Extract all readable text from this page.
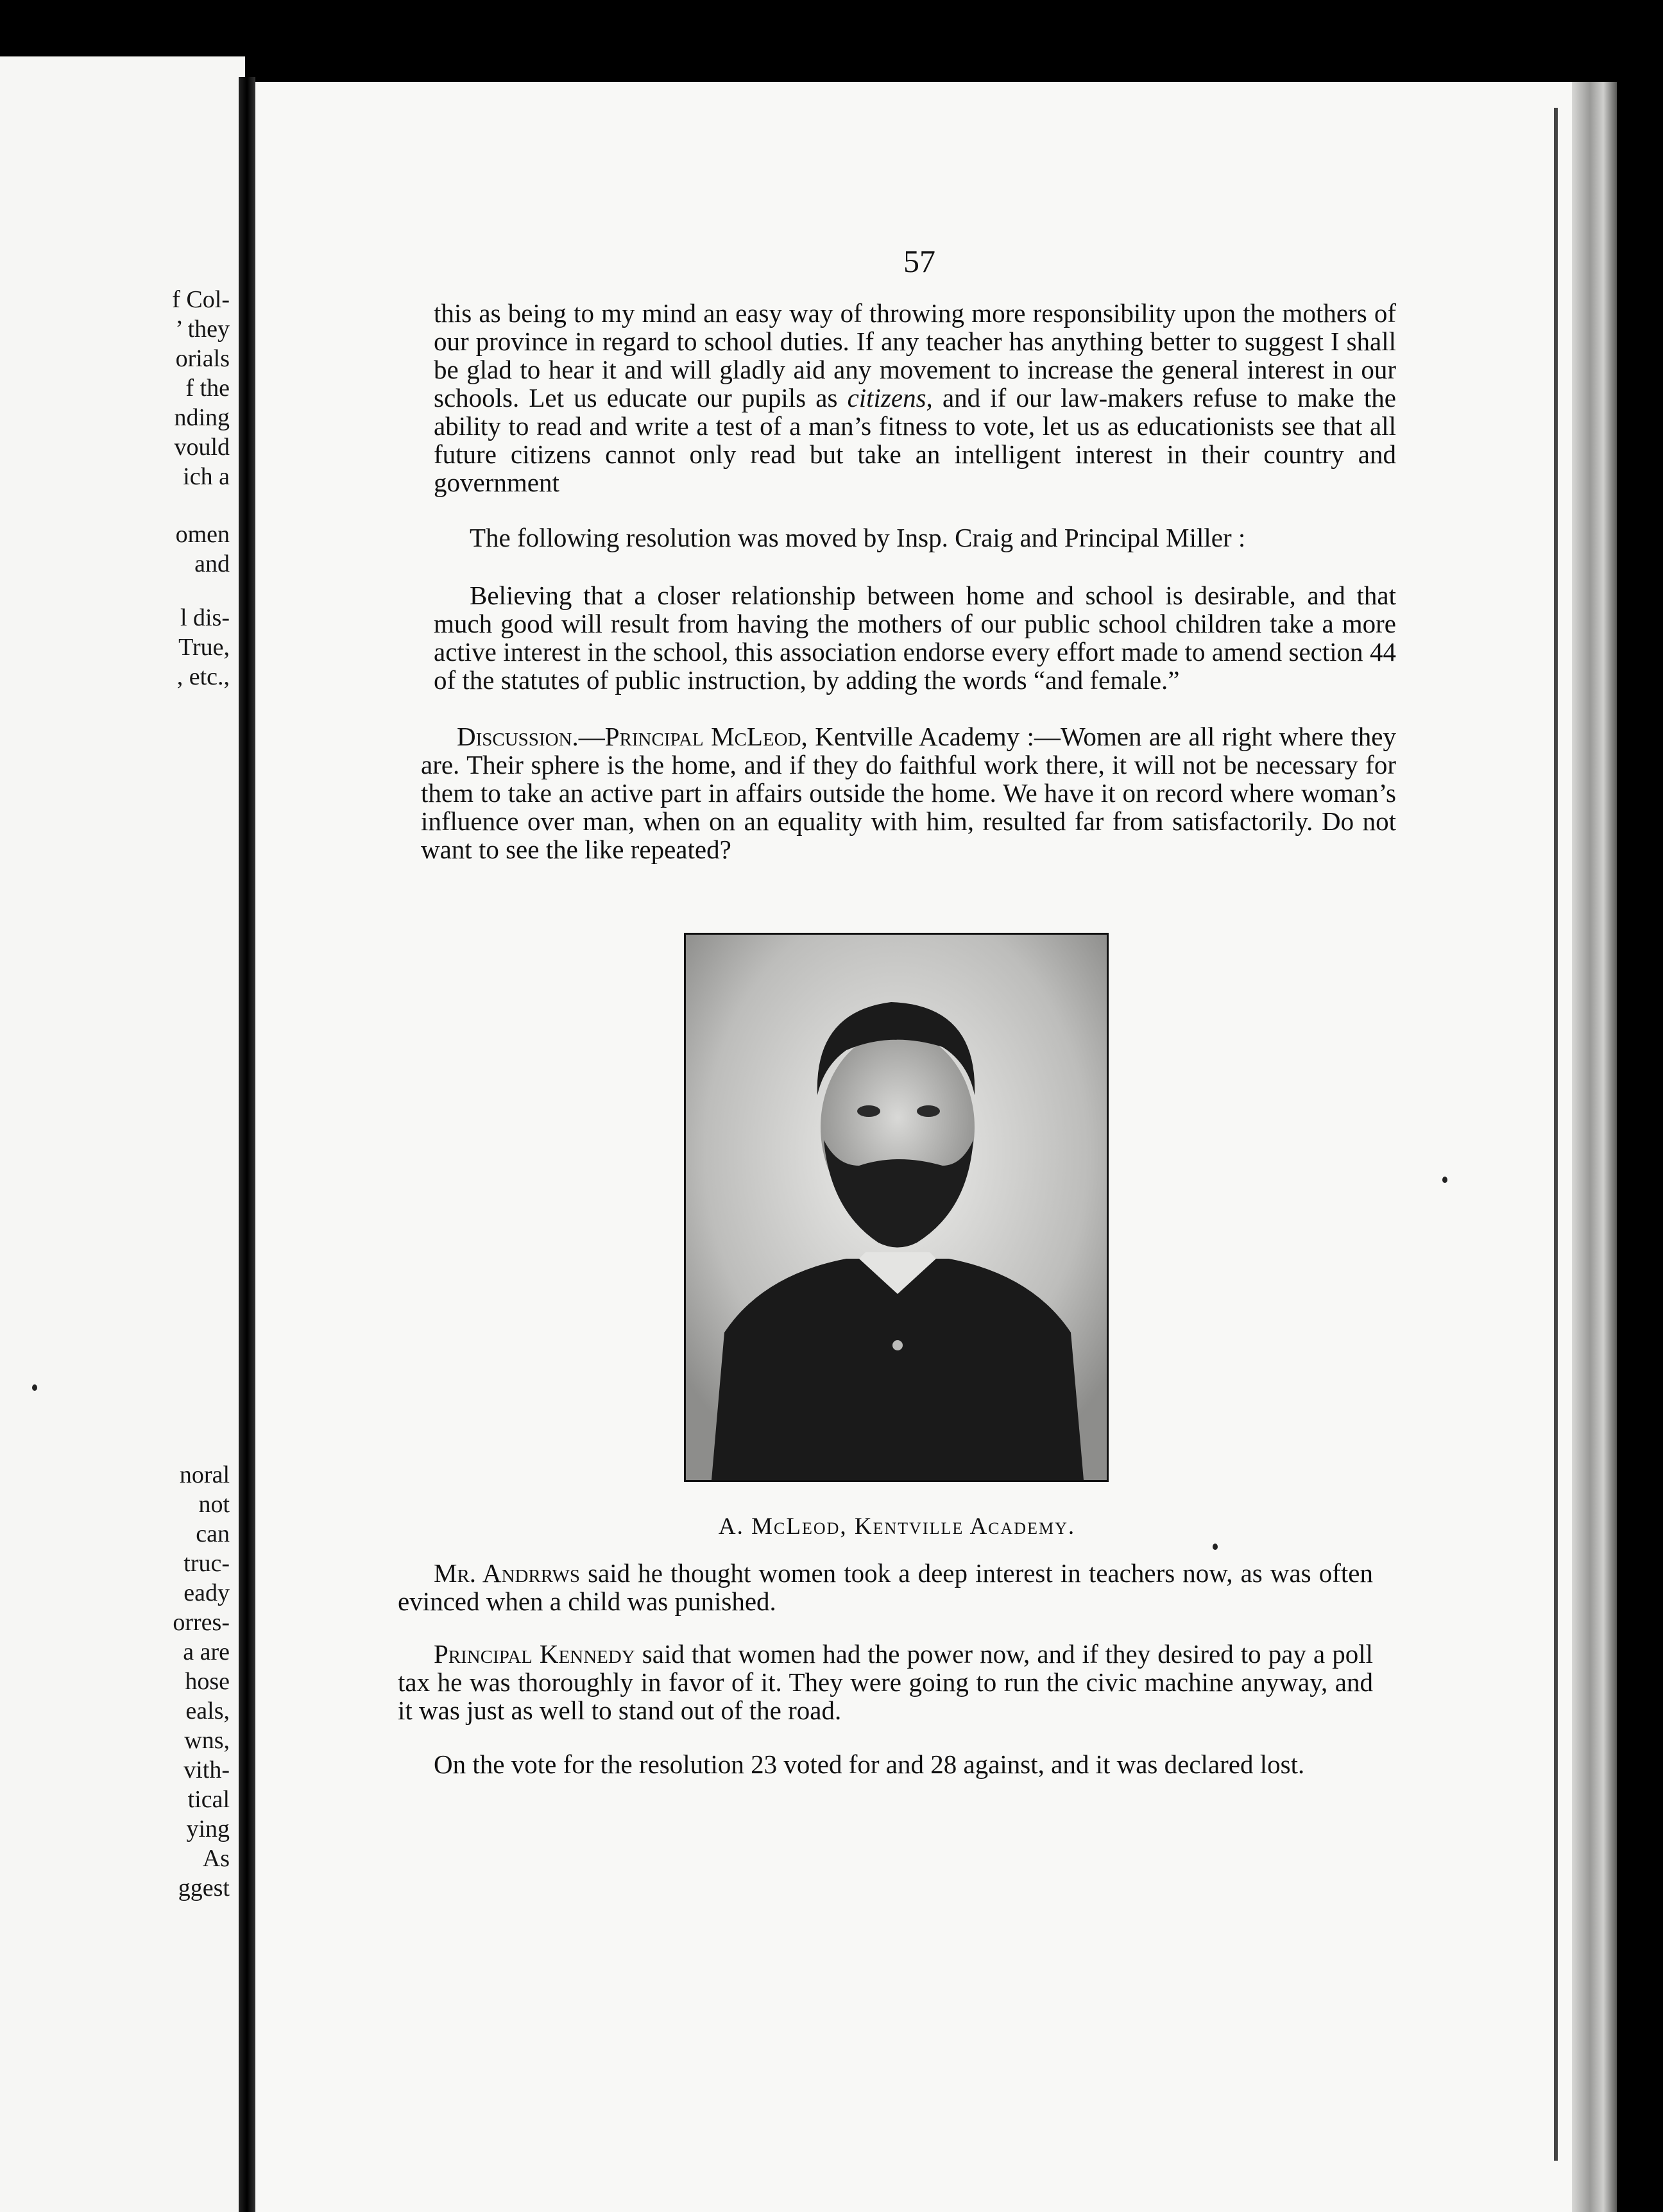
f Col-
’ they
orials
f the
nding
vould
ich a
omen
and
l dis-
True,
, etc.,
noral
not
can
truc-
eady
orres-
a are
hose
eals,
wns,
vith-
tical
ying
As
ggest
57

this as being to my mind an easy way of throwing more responsibility upon the mothers of our province in regard to school duties. If any teacher has anything better to suggest I shall be glad to hear it and will gladly aid any movement to increase the general interest in our schools. Let us educate our pupils as citizens, and if our law-makers refuse to make the ability to read and write a test of a man’s fitness to vote, let us as educationists see that all future citizens cannot only read but take an intelligent interest in their country and government

The following resolution was moved by Insp. Craig and Principal Miller :

Believing that a closer relationship between home and school is desirable, and that much good will result from having the mothers of our public school children take a more active interest in the school, this association endorse every effort made to amend section 44 of the statutes of public instruction, by adding the words “and female.”

Discussion.—Principal McLeod, Kentville Academy :—Women are all right where they are. Their sphere is the home, and if they do faithful work there, it will not be necessary for them to take an active part in affairs outside the home. We have it on record where woman’s influence over man, when on an equality with him, resulted far from satisfactorily. Do not want to see the like repeated?

A. McLeod, Kentville Academy.

Mr. Andrrws said he thought women took a deep interest in teachers now, as was often evinced when a child was punished.

Principal Kennedy said that women had the power now, and if they desired to pay a poll tax he was thoroughly in favor of it. They were going to run the civic machine anyway, and it was just as well to stand out of the road.

On the vote for the resolution 23 voted for and 28 against, and it was declared lost.
